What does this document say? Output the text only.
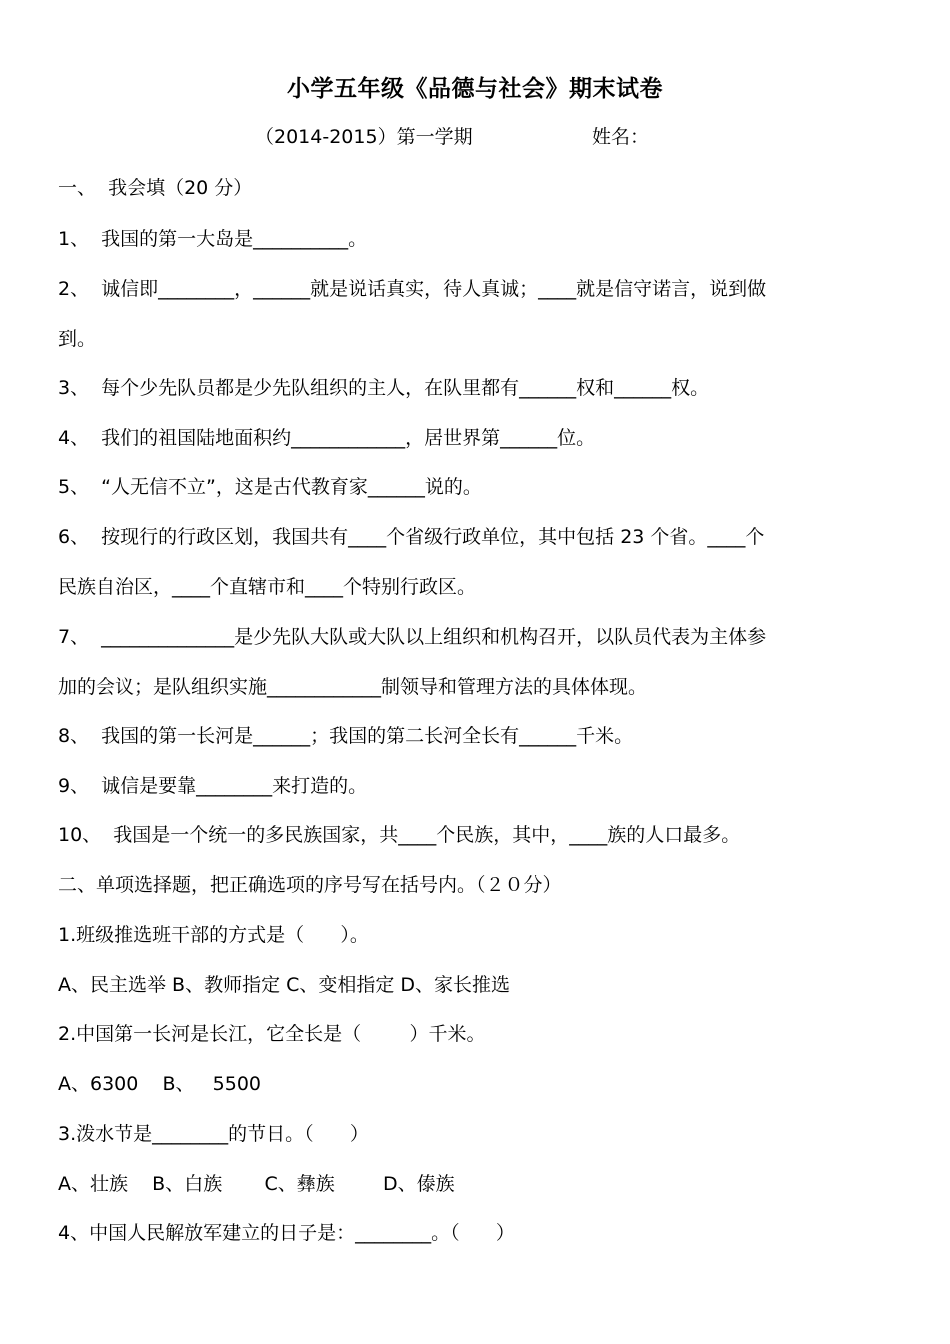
小学五年级《品德与社会》期末试卷
（2014-2015）第一学期	姓名：
一、  我会填（20 分）
1、  我国的第一大岛是__________。
2、  诚信即________，______就是说话真实，待人真诚；____就是信守诺言，说到做
到。
3、  每个少先队员都是少先队组织的主人，在队里都有______权和______权。
4、  我们的祖国陆地面积约____________，居世界第______位。
5、  “人无信不立”，这是古代教育家______说的。
6、  按现行的行政区划，我国共有____个省级行政单位，其中包括 23 个省。____个
民族自治区，____个直辖市和____个特别行政区。
7、  ______________是少先队大队或大队以上组织和机构召开，以队员代表为主体参
加的会议；是队组织实施____________制领导和管理方法的具体体现。
8、  我国的第一长河是______；我国的第二长河全长有______千米。
9、  诚信是要靠________来打造的。
10、  我国是一个统一的多民族国家，共____个民族，其中，____族的人口最多。
二、单项选择题，把正确选项的序号写在括号内。（２０分）
1.班级推选班干部的方式是（      ）。
A、民主选举 B、教师指定 C、变相指定 D、家长推选
2.中国第一长河是长江，它全长是（        ）千米。
A、6300    B、   5500
3.泼水节是________的节日。（      ）
A、壮族    B、白族       C、彝族        D、傣族
4、中国人民解放军建立的日子是：________。（      ）
